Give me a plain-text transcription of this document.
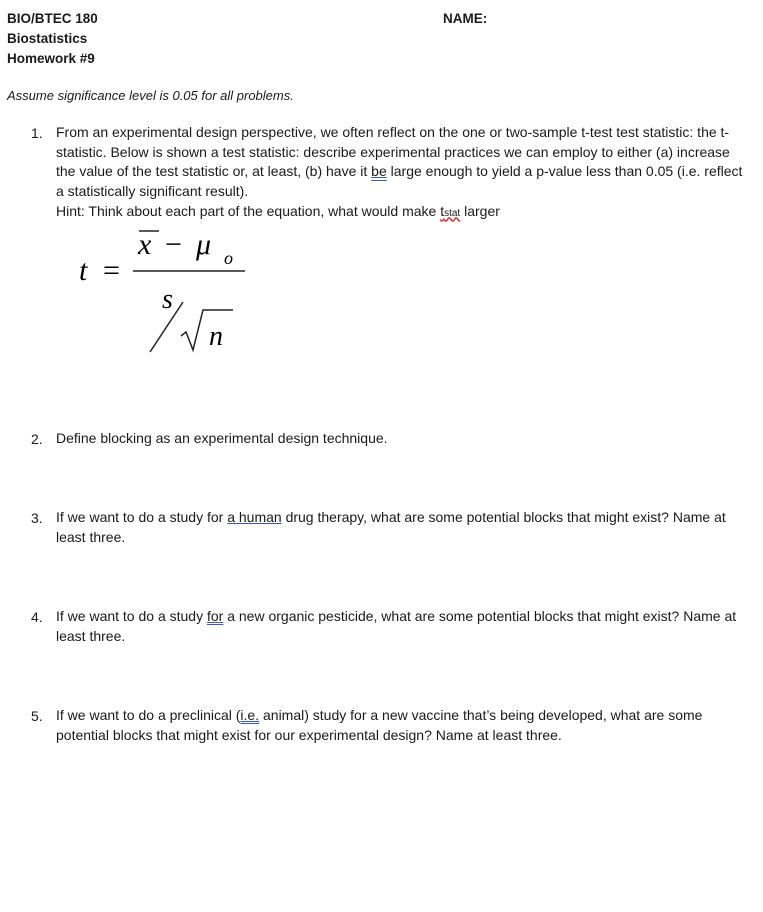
BIO/BTEC 180
Biostatistics
Homework #9
NAME:
Assume significance level is 0.05 for all problems.
1. From an experimental design perspective, we often reflect on the one or two-sample t-test test statistic: the t-statistic. Below is shown a test statistic: describe experimental practices we can employ to either (a) increase the value of the test statistic or, at least, (b) have it be large enough to yield a p-value less than 0.05 (i.e. reflect a statistically significant result).

Hint: Think about each part of the equation, what would make tstat larger

t =
x − μ o
s
n
2. Define blocking as an experimental design technique.

3. If we want to do a study for a human drug therapy, what are some potential blocks that might exist? Name at least three.

4. If we want to do a study for a new organic pesticide, what are some potential blocks that might exist? Name at least three.

5. If we want to do a preclinical (i.e. animal) study for a new vaccine that’s being developed, what are some potential blocks that might exist for our experimental design? Name at least three.
